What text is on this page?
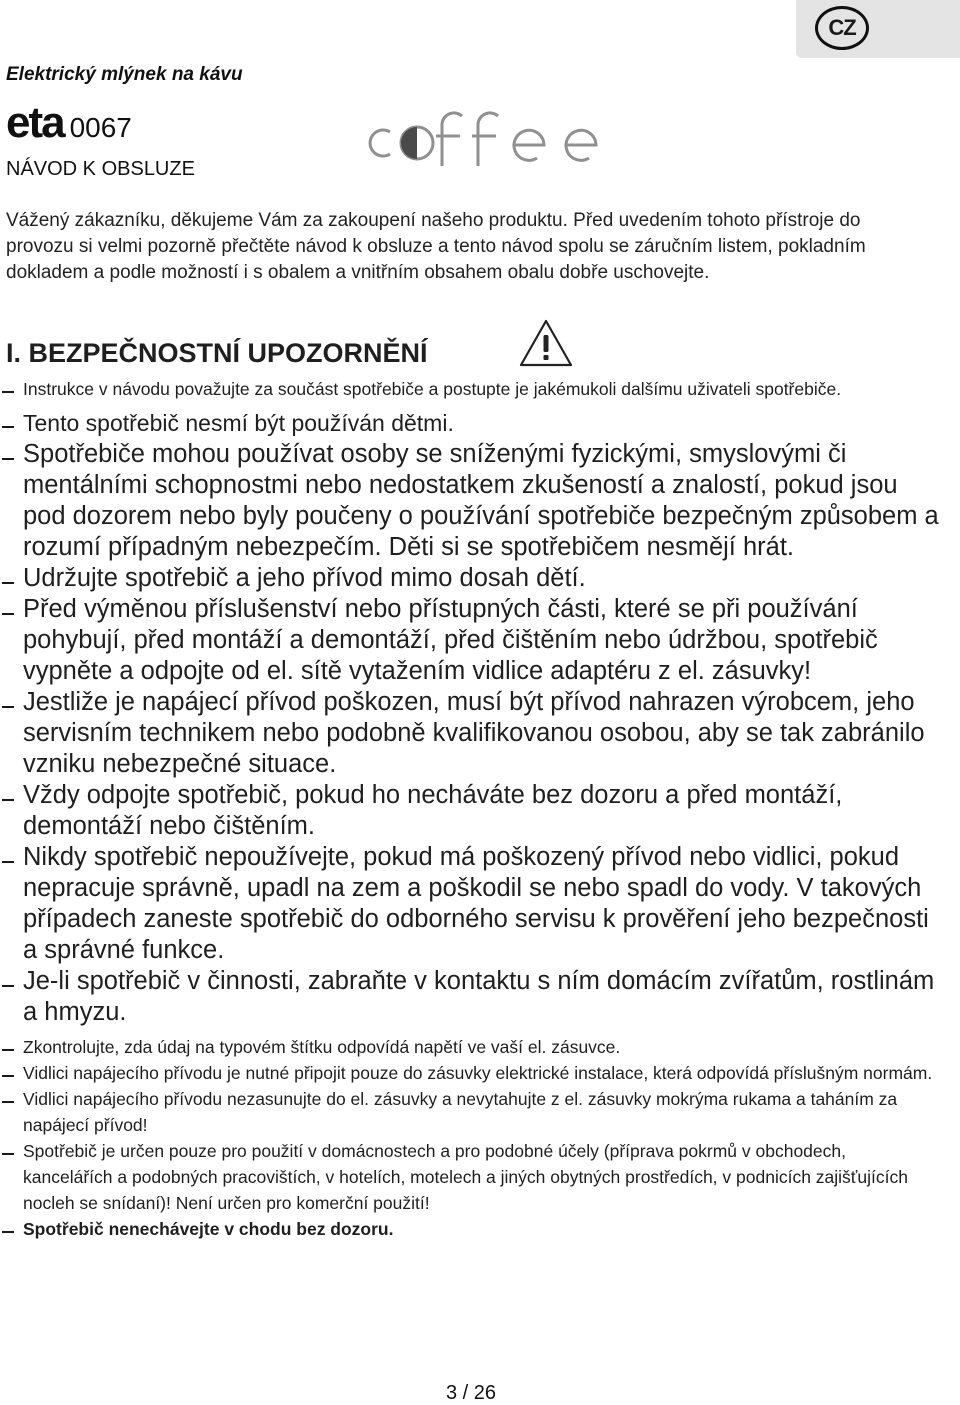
CZ
Elektrický mlýnek na kávu
eta 0067
NÁVOD K OBSLUZE
Vážený zákazníku, děkujeme Vám za zakoupení našeho produktu. Před uvedením tohoto přístroje do provozu si velmi pozorně přečtěte návod k obsluze a tento návod spolu se záručním listem, pokladním dokladem a podle možností i s obalem a vnitřním obsahem obalu dobře uschovejte.
I. BEZPEČNOSTNÍ UPOZORNĚNÍ
Instrukce v návodu považujte za součást spotřebiče a postupte je jakémukoli dalšímu uživateli spotřebiče.
Tento spotřebič nesmí být používán dětmi.
Spotřebiče mohou používat osoby se sníženými fyzickými, smyslovými či mentálními schopnostmi nebo nedostatkem zkušeností a znalostí, pokud jsou pod dozorem nebo byly poučeny o používání spotřebiče bezpečným způsobem a rozumí případným nebezpečím. Děti si se spotřebičem nesmějí hrát.
Udržujte spotřebič a jeho přívod mimo dosah dětí.
Před výměnou příslušenství nebo přístupných části, které se při používání pohybují, před montáží a demontáží, před čištěním nebo údržbou, spotřebič vypněte a odpojte od el. sítě vytažením vidlice adaptéru z el. zásuvky!
Jestliže je napájecí přívod poškozen, musí být přívod nahrazen výrobcem, jeho servisním technikem nebo podobně kvalifikovanou osobou, aby se tak zabránilo vzniku nebezpečné situace.
Vždy odpojte spotřebič, pokud ho necháváte bez dozoru a před montáží, demontáží nebo čištěním.
Nikdy spotřebič nepoužívejte, pokud má poškozený přívod nebo vidlici, pokud nepracuje správně, upadl na zem a poškodil se nebo spadl do vody. V takových případech zaneste spotřebič do odborného servisu k prověření jeho bezpečnosti a správné funkce.
Je-li spotřebič v činnosti, zabraňte v kontaktu s ním domácím zvířatům, rostlinám a hmyzu.
Zkontrolujte, zda údaj na typovém štítku odpovídá napětí ve vaší el. zásuvce.
Vidlici napájecího přívodu je nutné připojit pouze do zásuvky elektrické instalace, která odpovídá příslušným normám.
Vidlici napájecího přívodu nezasunujte do el. zásuvky a nevytahujte z el. zásuvky mokrýma rukama a taháním za napájecí přívod!
Spotřebič je určen pouze pro použití v domácnostech a pro podobné účely (příprava pokrmů v obchodech, kancelářích a podobných pracovištích, v hotelích, motelech a jiných obytných prostředích, v podnicích zajišťujících nocleh se snídaní)! Není určen pro komerční použití!
Spotřebič nenechávejte v chodu bez dozoru.
3 / 26
